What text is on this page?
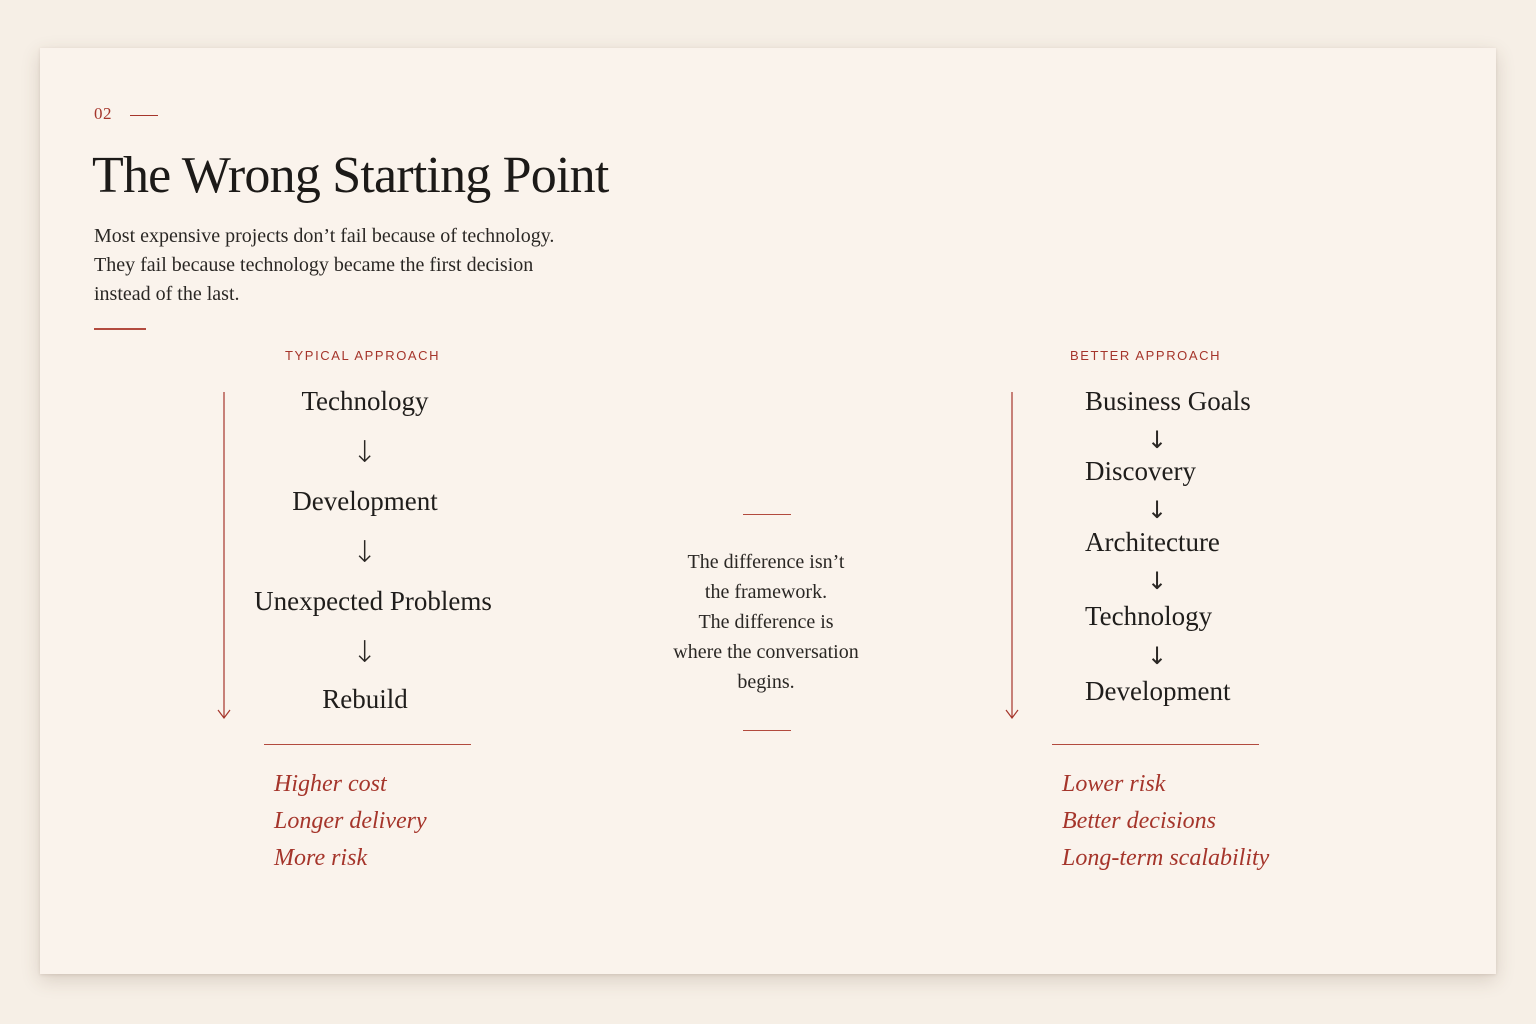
02
The Wrong Starting Point
Most expensive projects don’t fail because of technology.
They fail because technology became the first decision
instead of the last.
TYPICAL APPROACH
Technology
↓
Development
↓
Unexpected Problems
↓
Rebuild
Higher cost
Longer delivery
More risk
The difference isn’t
the framework.
The difference is
where the conversation
begins.
BETTER APPROACH
Business Goals
↓
Discovery
↓
Architecture
↓
Technology
↓
Development
Lower risk
Better decisions
Long-term scalability
